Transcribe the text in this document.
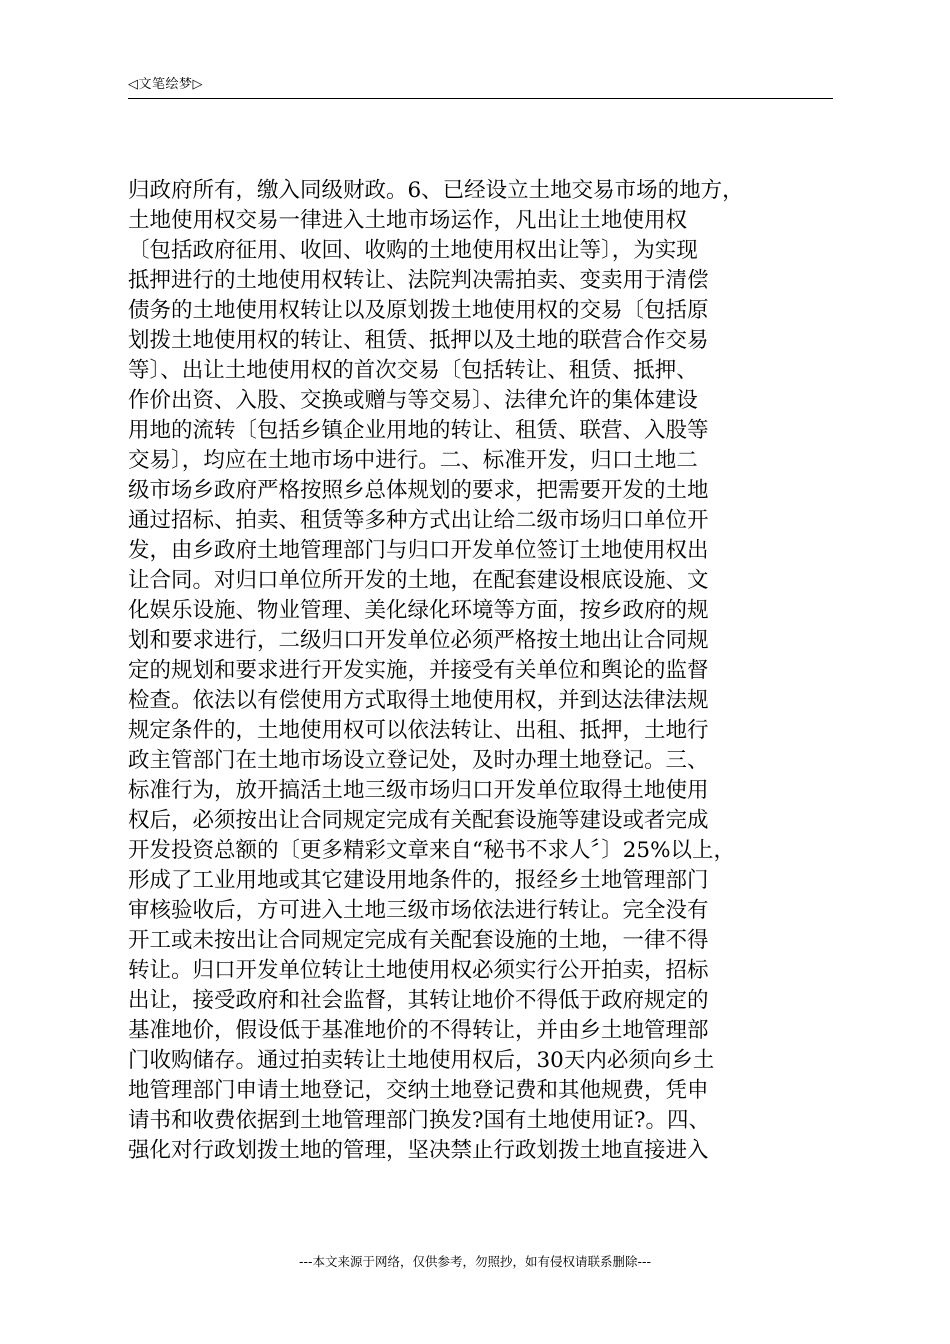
◁文笔绘梦▷
归政府所有，缴入同级财政。6、已经设立土地交易市场的地方，
土地使用权交易一律进入土地市场运作，凡出让土地使用权
〔包括政府征用、收回、收购的土地使用权出让等〕，为实现
抵押进行的土地使用权转让、法院判决需拍卖、变卖用于清偿
债务的土地使用权转让以及原划拨土地使用权的交易〔包括原
划拨土地使用权的转让、租赁、抵押以及土地的联营合作交易
等〕、出让土地使用权的首次交易〔包括转让、租赁、抵押、
作价出资、入股、交换或赠与等交易〕、法律允许的集体建设
用地的流转〔包括乡镇企业用地的转让、租赁、联营、入股等
交易〕，均应在土地市场中进行。二、标准开发，归口土地二
级市场乡政府严格按照乡总体规划的要求，把需要开发的土地
通过招标、拍卖、租赁等多种方式出让给二级市场归口单位开
发，由乡政府土地管理部门与归口开发单位签订土地使用权出
让合同。对归口单位所开发的土地，在配套建设根底设施、文
化娱乐设施、物业管理、美化绿化环境等方面，按乡政府的规
划和要求进行，二级归口开发单位必须严格按土地出让合同规
定的规划和要求进行开发实施，并接受有关单位和舆论的监督
检查。依法以有偿使用方式取得土地使用权，并到达法律法规
规定条件的，土地使用权可以依法转让、出租、抵押，土地行
政主管部门在土地市场设立登记处，及时办理土地登记。三、
标准行为，放开搞活土地三级市场归口开发单位取得土地使用
权后，必须按出让合同规定完成有关配套设施等建设或者完成
开发投资总额的〔更多精彩文章来自“秘书不求人〞〕25%以上，
形成了工业用地或其它建设用地条件的，报经乡土地管理部门
审核验收后，方可进入土地三级市场依法进行转让。完全没有
开工或未按出让合同规定完成有关配套设施的土地，一律不得
转让。归口开发单位转让土地使用权必须实行公开拍卖，招标
出让，接受政府和社会监督，其转让地价不得低于政府规定的
基准地价，假设低于基准地价的不得转让，并由乡土地管理部
门收购储存。通过拍卖转让土地使用权后，30天内必须向乡土
地管理部门申请土地登记，交纳土地登记费和其他规费，凭申
请书和收费依据到土地管理部门换发?国有土地使用证?。四、
强化对行政划拨土地的管理，坚决禁止行政划拨土地直接进入
---本文来源于网络，仅供参考，勿照抄，如有侵权请联系删除---
